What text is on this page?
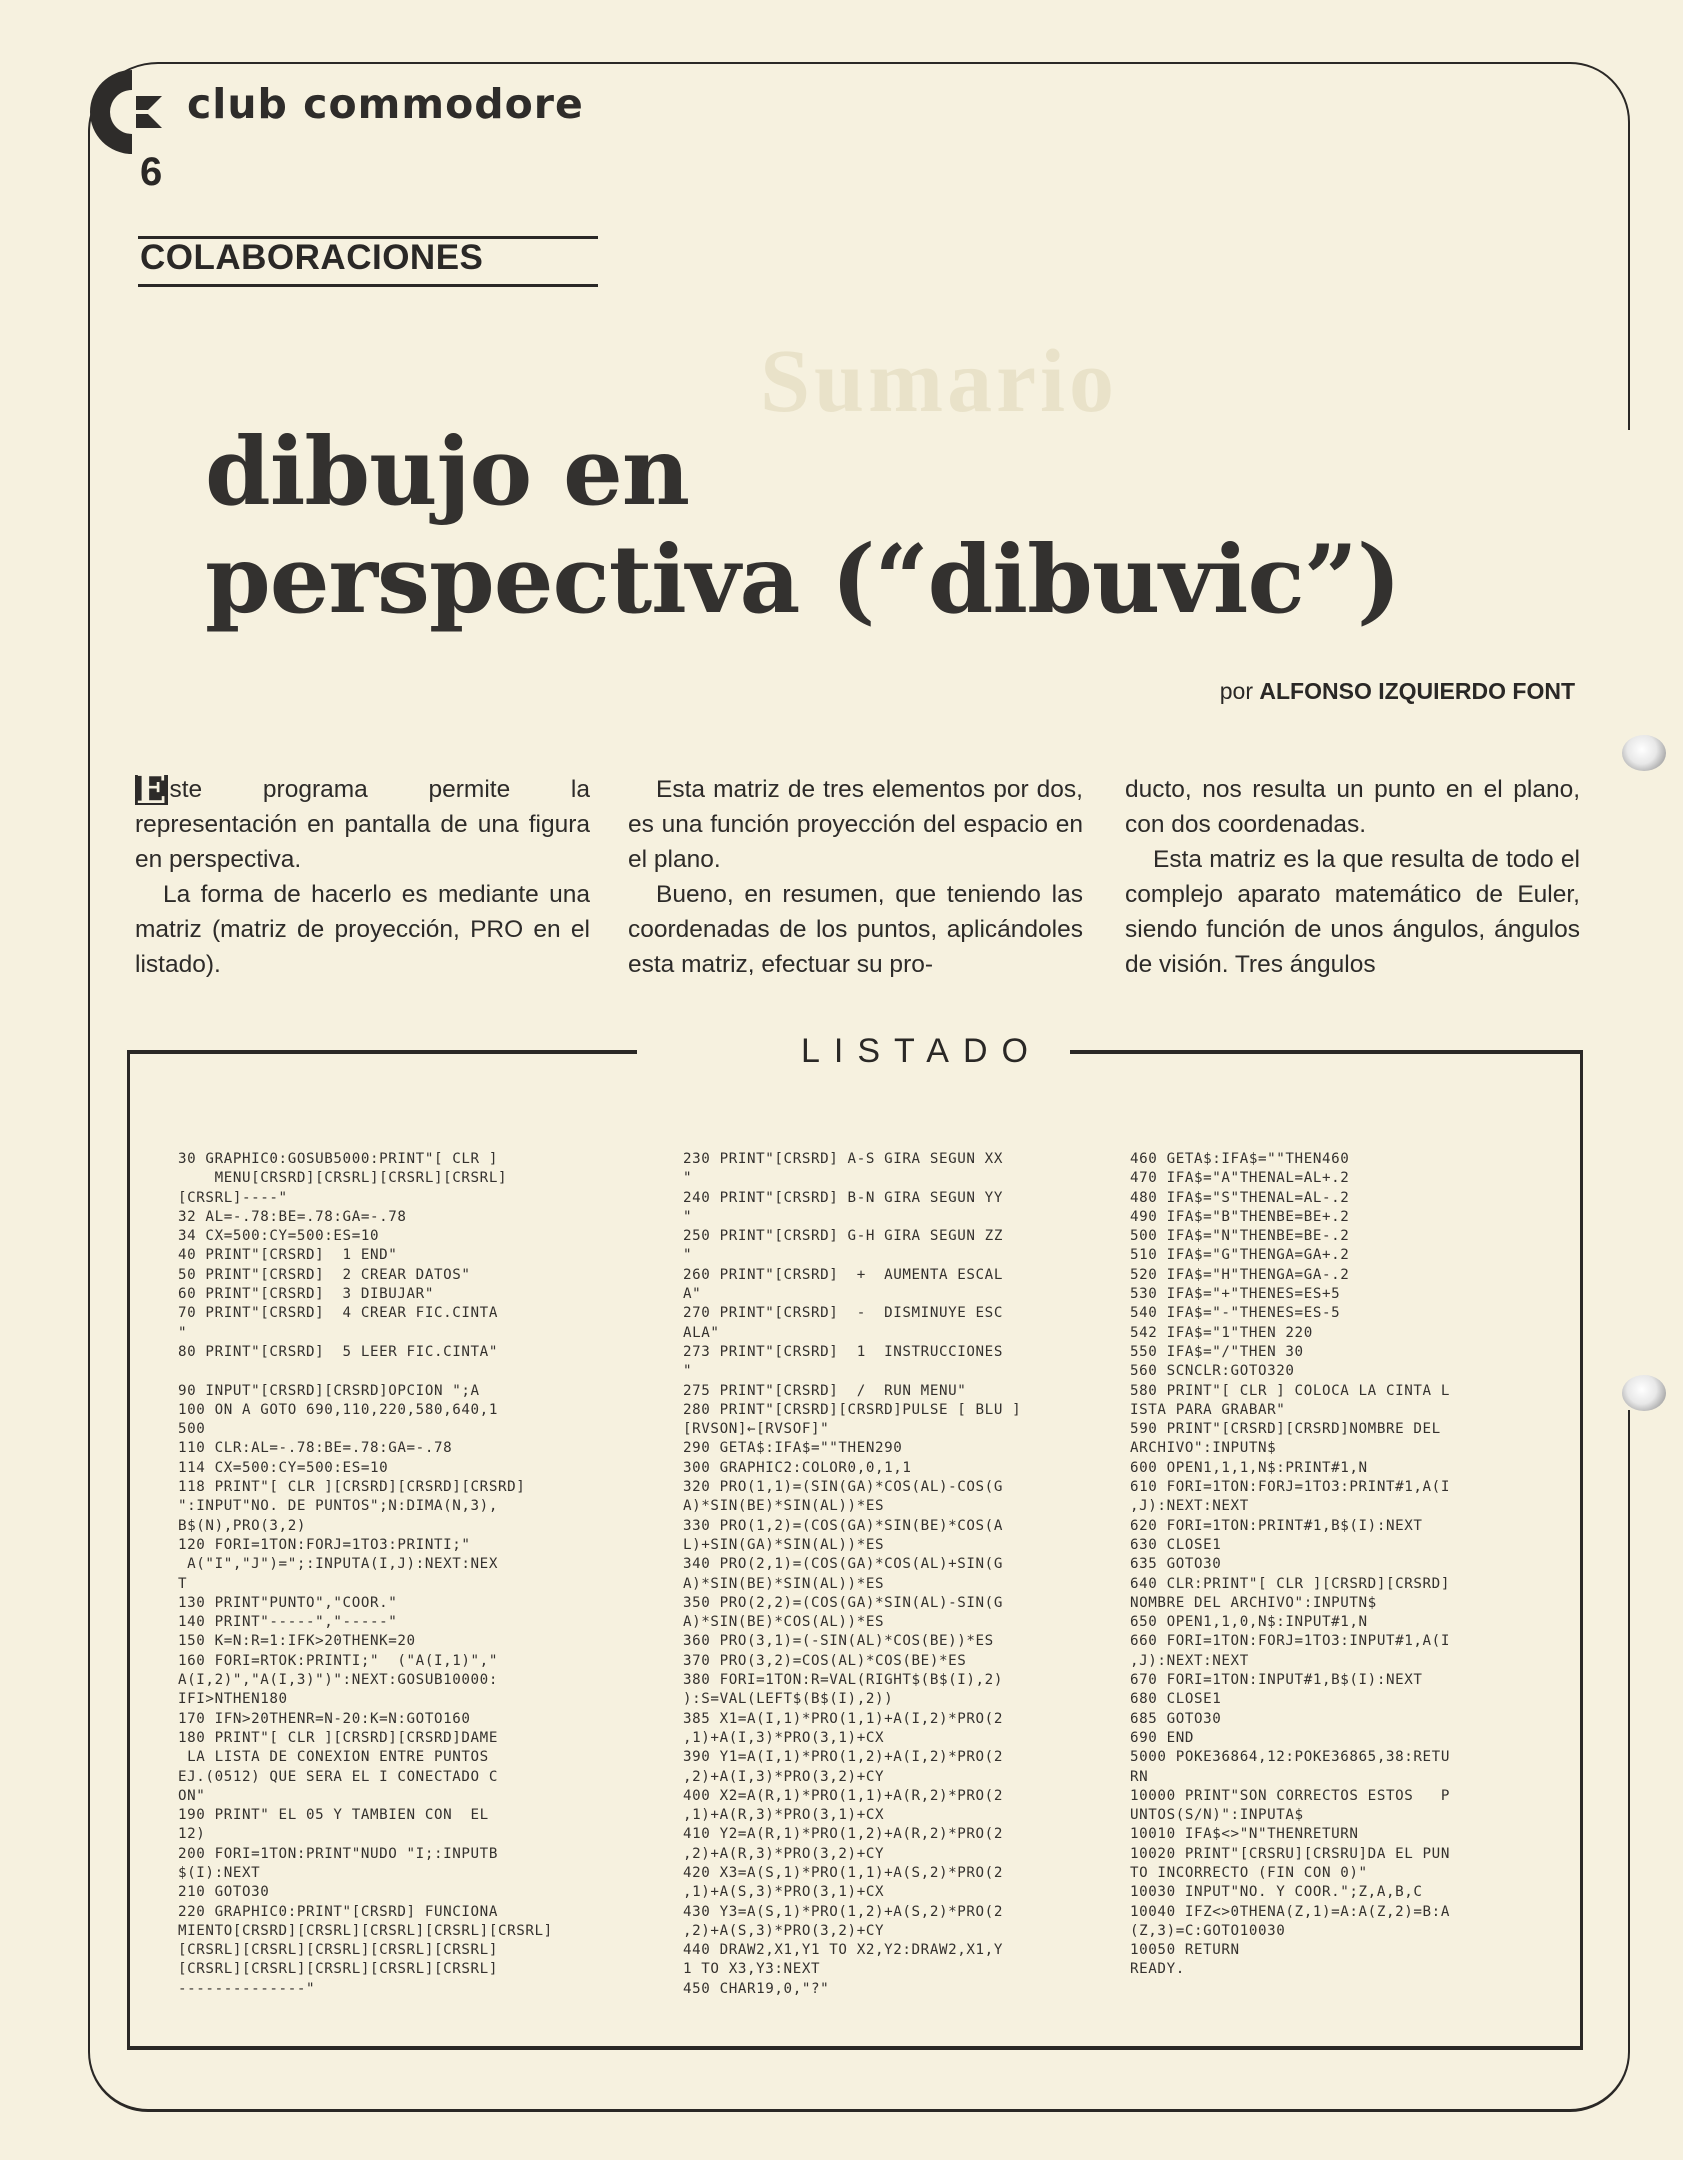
Sumario
club commodore
6
COLABORACIONES
dibujo en
perspectiva (“dibuvic”)
por ALFONSO IZQUIERDO FONT

E ste programa permite la representación en pantalla de una figura en perspectiva.

La forma de hacerlo es mediante una matriz (matriz de proyección, PRO en el listado).

Esta matriz de tres elementos por dos, es una función proyección del espacio en el plano.

Bueno, en resumen, que teniendo las coordenadas de los puntos, aplicándoles esta matriz, efectuar su pro-

ducto, nos resulta un punto en el plano, con dos coordenadas.

Esta matriz es la que resulta de todo el complejo aparato matemático de Euler, siendo función de unos ángulos, ángulos de visión. Tres ángulos

LISTADO
30 GRAPHIC0:GOSUB5000:PRINT"[ CLR ]
MENU[CRSRD][CRSRL][CRSRL][CRSRL]
[CRSRL]----"
32 AL=-.78:BE=.78:GA=-.78
34 CX=500:CY=500:ES=10
40 PRINT"[CRSRD]  1 END"
50 PRINT"[CRSRD]  2 CREAR DATOS"
60 PRINT"[CRSRD]  3 DIBUJAR"
70 PRINT"[CRSRD]  4 CREAR FIC.CINTA
"
80 PRINT"[CRSRD]  5 LEER FIC.CINTA"

90 INPUT"[CRSRD][CRSRD]OPCION ";A
100 ON A GOTO 690,110,220,580,640,1
500
110 CLR:AL=-.78:BE=.78:GA=-.78
114 CX=500:CY=500:ES=10
118 PRINT"[ CLR ][CRSRD][CRSRD][CRSRD]
":INPUT"NO. DE PUNTOS";N:DIMA(N,3),
B$(N),PRO(3,2)
120 FORI=1TON:FORJ=1TO3:PRINTI;"
A("I","J")=";:INPUTA(I,J):NEXT:NEX
T
130 PRINT"PUNTO","COOR."
140 PRINT"-----","-----"
150 K=N:R=1:IFK>20THENK=20
160 FORI=RTOK:PRINTI;"  ("A(I,1)","
A(I,2)","A(I,3)")":NEXT:GOSUB10000:
IFI>NTHEN180
170 IFN>20THENR=N-20:K=N:GOTO160
180 PRINT"[ CLR ][CRSRD][CRSRD]DAME
LA LISTA DE CONEXION ENTRE PUNTOS
EJ.(0512) QUE SERA EL I CONECTADO C
ON"
190 PRINT" EL 05 Y TAMBIEN CON  EL
12)
200 FORI=1TON:PRINT"NUDO "I;:INPUTB
$(I):NEXT
210 GOTO30
220 GRAPHIC0:PRINT"[CRSRD] FUNCIONA
MIENTO[CRSRD][CRSRL][CRSRL][CRSRL][CRSRL]
[CRSRL][CRSRL][CRSRL][CRSRL][CRSRL]
[CRSRL][CRSRL][CRSRL][CRSRL][CRSRL]
--------------"
230 PRINT"[CRSRD] A-S GIRA SEGUN XX
"
240 PRINT"[CRSRD] B-N GIRA SEGUN YY
"
250 PRINT"[CRSRD] G-H GIRA SEGUN ZZ
"
260 PRINT"[CRSRD]  +  AUMENTA ESCAL
A"
270 PRINT"[CRSRD]  -  DISMINUYE ESC
ALA"
273 PRINT"[CRSRD]  1  INSTRUCCIONES
"
275 PRINT"[CRSRD]  /  RUN MENU"
280 PRINT"[CRSRD][CRSRD]PULSE [ BLU ]
[RVSON]←[RVSOF]"
290 GETA$:IFA$=""THEN290
300 GRAPHIC2:COLOR0,0,1,1
320 PRO(1,1)=(SIN(GA)*COS(AL)-COS(G
A)*SIN(BE)*SIN(AL))*ES
330 PRO(1,2)=(COS(GA)*SIN(BE)*COS(A
L)+SIN(GA)*SIN(AL))*ES
340 PRO(2,1)=(COS(GA)*COS(AL)+SIN(G
A)*SIN(BE)*SIN(AL))*ES
350 PRO(2,2)=(COS(GA)*SIN(AL)-SIN(G
A)*SIN(BE)*COS(AL))*ES
360 PRO(3,1)=(-SIN(AL)*COS(BE))*ES
370 PRO(3,2)=COS(AL)*COS(BE)*ES
380 FORI=1TON:R=VAL(RIGHT$(B$(I),2)
):S=VAL(LEFT$(B$(I),2))
385 X1=A(I,1)*PRO(1,1)+A(I,2)*PRO(2
,1)+A(I,3)*PRO(3,1)+CX
390 Y1=A(I,1)*PRO(1,2)+A(I,2)*PRO(2
,2)+A(I,3)*PRO(3,2)+CY
400 X2=A(R,1)*PRO(1,1)+A(R,2)*PRO(2
,1)+A(R,3)*PRO(3,1)+CX
410 Y2=A(R,1)*PRO(1,2)+A(R,2)*PRO(2
,2)+A(R,3)*PRO(3,2)+CY
420 X3=A(S,1)*PRO(1,1)+A(S,2)*PRO(2
,1)+A(S,3)*PRO(3,1)+CX
430 Y3=A(S,1)*PRO(1,2)+A(S,2)*PRO(2
,2)+A(S,3)*PRO(3,2)+CY
440 DRAW2,X1,Y1 TO X2,Y2:DRAW2,X1,Y
1 TO X3,Y3:NEXT
450 CHAR19,0,"?"
460 GETA$:IFA$=""THEN460
470 IFA$="A"THENAL=AL+.2
480 IFA$="S"THENAL=AL-.2
490 IFA$="B"THENBE=BE+.2
500 IFA$="N"THENBE=BE-.2
510 IFA$="G"THENGA=GA+.2
520 IFA$="H"THENGA=GA-.2
530 IFA$="+"THENES=ES+5
540 IFA$="-"THENES=ES-5
542 IFA$="1"THEN 220
550 IFA$="/"THEN 30
560 SCNCLR:GOTO320
580 PRINT"[ CLR ] COLOCA LA CINTA L
ISTA PARA GRABAR"
590 PRINT"[CRSRD][CRSRD]NOMBRE DEL
ARCHIVO":INPUTN$
600 OPEN1,1,1,N$:PRINT#1,N
610 FORI=1TON:FORJ=1TO3:PRINT#1,A(I
,J):NEXT:NEXT
620 FORI=1TON:PRINT#1,B$(I):NEXT
630 CLOSE1
635 GOTO30
640 CLR:PRINT"[ CLR ][CRSRD][CRSRD]
NOMBRE DEL ARCHIVO":INPUTN$
650 OPEN1,1,0,N$:INPUT#1,N
660 FORI=1TON:FORJ=1TO3:INPUT#1,A(I
,J):NEXT:NEXT
670 FORI=1TON:INPUT#1,B$(I):NEXT
680 CLOSE1
685 GOTO30
690 END
5000 POKE36864,12:POKE36865,38:RETU
RN
10000 PRINT"SON CORRECTOS ESTOS   P
UNTOS(S/N)":INPUTA$
10010 IFA$<>"N"THENRETURN
10020 PRINT"[CRSRU][CRSRU]DA EL PUN
TO INCORRECTO (FIN CON 0)"
10030 INPUT"NO. Y COOR.";Z,A,B,C
10040 IFZ<>0THENA(Z,1)=A:A(Z,2)=B:A
(Z,3)=C:GOTO10030
10050 RETURN
READY.
